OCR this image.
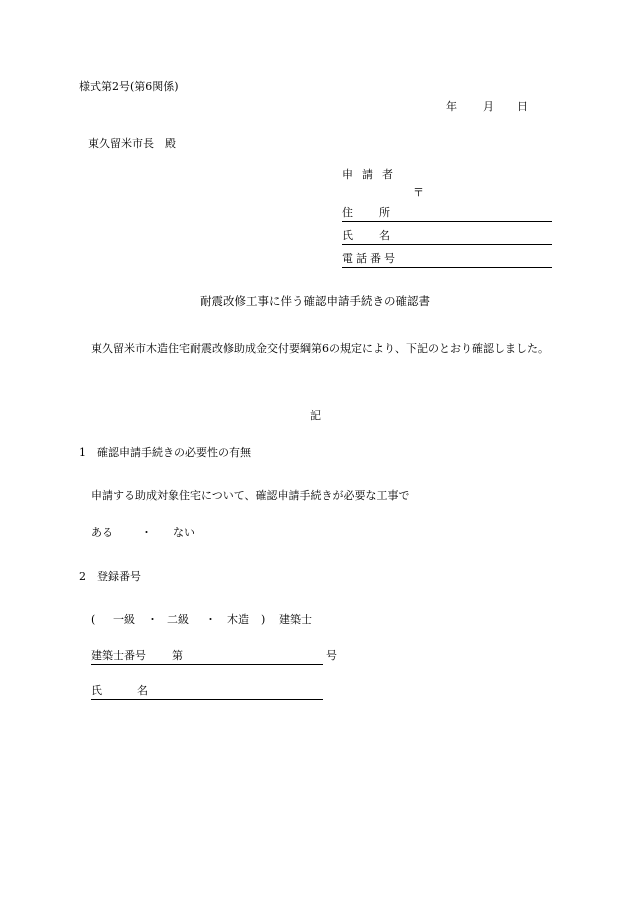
様式第2号(第6関係)
年 月 日
東久留米市長　殿
申請者
〒
住所
氏名
電話番号
耐震改修工事に伴う確認申請手続きの確認書
東久留米市木造住宅耐震改修助成金交付要綱第6の規定により、下記のとおり確認しました。
記
1 確認申請手続きの必要性の有無
申請する助成対象住宅について、確認申請手続きが必要な工事で
ある	・ ない
2 登録番号
( 一級 ・ 二級 ・ 木造 ) 建築士
建築士番号 第	号
氏名
